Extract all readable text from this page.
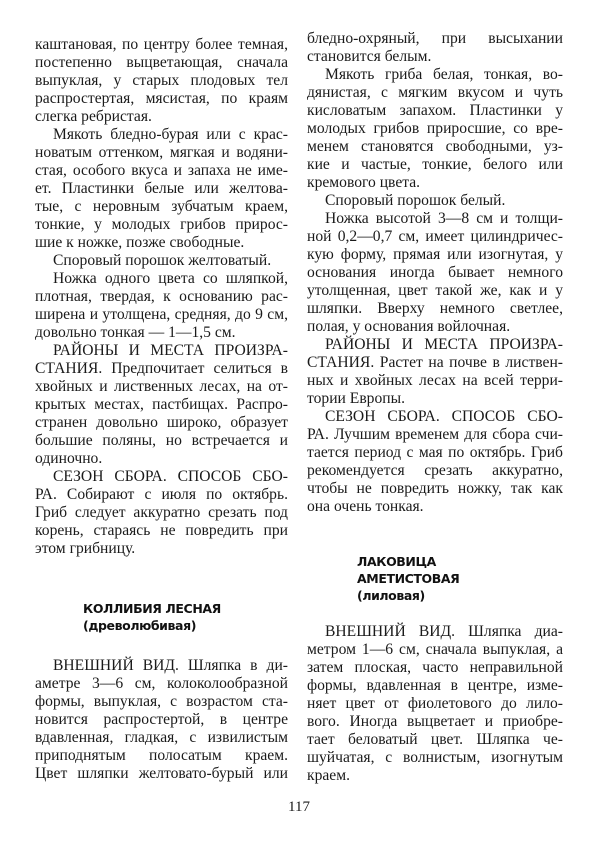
каштановая, по центру более темная,
постепенно выцветающая, сначала
выпуклая, у старых плодовых тел
распростертая, мясистая, по краям
слегка ребристая.
Мякоть бледно-бурая или с крас-
новатым оттенком, мягкая и водяни-
стая, особого вкуса и запаха не име-
ет. Пластинки белые или желтова-
тые, с неровным зубчатым краем,
тонкие, у молодых грибов прирос-
шие к ножке, позже свободные.
Споровый порошок желтоватый.
Ножка одного цвета со шляпкой,
плотная, твердая, к основанию рас-
ширена и утолщена, средняя, до 9 см,
довольно тонкая — 1—1,5 см.
РАЙОНЫ И МЕСТА ПРОИЗРА-
СТАНИЯ. Предпочитает селиться в
хвойных и лиственных лесах, на от-
крытых местах, пастбищах. Распро-
странен довольно широко, образует
большие поляны, но встречается и
одиночно.
СЕЗОН СБОРА. СПОСОБ СБО-
РА. Собирают с июля по октябрь.
Гриб следует аккуратно срезать под
корень, стараясь не повредить при
этом грибницу.
КОЛЛИБИЯ ЛЕСНАЯ
(древолюбивая)
ВНЕШНИЙ ВИД. Шляпка в ди-
аметре 3—6 см, колоколообразной
формы, выпуклая, с возрастом ста-
новится распростертой, в центре
вдавленная, гладкая, с извилистым
приподнятым полосатым краем.
Цвет шляпки желтовато-бурый или
бледно-охряный, при высыхании
становится белым.
Мякоть гриба белая, тонкая, во-
дянистая, с мягким вкусом и чуть
кисловатым запахом. Пластинки у
молодых грибов приросшие, со вре-
менем становятся свободными, уз-
кие и частые, тонкие, белого или
кремового цвета.
Споровый порошок белый.
Ножка высотой 3—8 см и толщи-
ной 0,2—0,7 см, имеет цилиндричес-
кую форму, прямая или изогнутая, у
основания иногда бывает немного
утолщенная, цвет такой же, как и у
шляпки. Вверху немного светлее,
полая, у основания войлочная.
РАЙОНЫ И МЕСТА ПРОИЗРА-
СТАНИЯ. Растет на почве в листвен-
ных и хвойных лесах на всей терри-
тории Европы.
СЕЗОН СБОРА. СПОСОБ СБО-
РА. Лучшим временем для сбора счи-
тается период с мая по октябрь. Гриб
рекомендуется срезать аккуратно,
чтобы не повредить ножку, так как
она очень тонкая.
ЛАКОВИЦА
АМЕТИСТОВАЯ
(лиловая)
ВНЕШНИЙ ВИД. Шляпка диа-
метром 1—6 см, сначала выпуклая, а
затем плоская, часто неправильной
формы, вдавленная в центре, изме-
няет цвет от фиолетового до лило-
вого. Иногда выцветает и приобре-
тает беловатый цвет. Шляпка че-
шуйчатая, с волнистым, изогнутым
краем.
117
